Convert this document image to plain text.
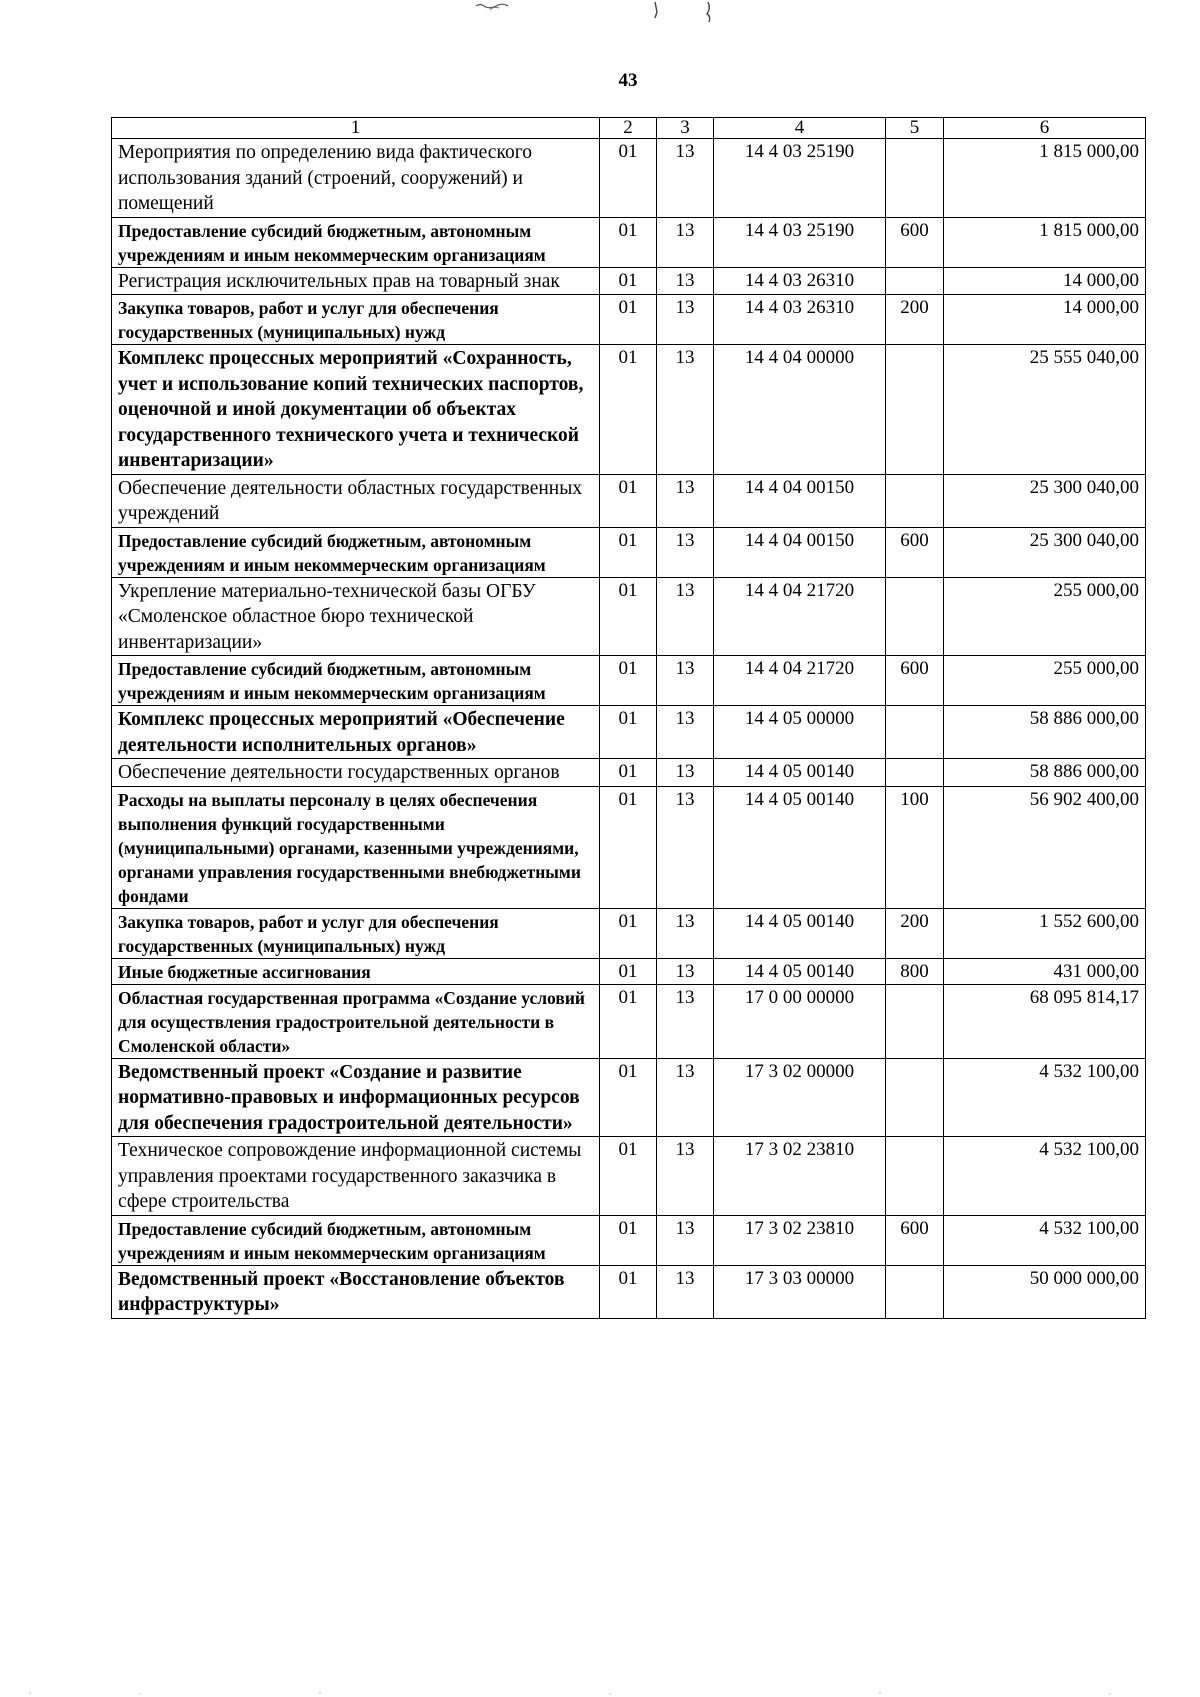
43
1	2	3	4	5	6
Мероприятия по определению вида фактического использования зданий (строений, сооружений) и помещений	01	13	14 4 03 25190		1 815 000,00
Предоставление субсидий бюджетным, автономным учреждениям и иным некоммерческим организациям	01	13	14 4 03 25190	600	1 815 000,00
Регистрация исключительных прав на товарный знак	01	13	14 4 03 26310		14 000,00
Закупка товаров, работ и услуг для обеспечения государственных (муниципальных) нужд	01	13	14 4 03 26310	200	14 000,00
Комплекс процессных мероприятий «Сохранность, учет и использование копий технических паспортов, оценочной и иной документации об объектах государственного технического учета и технической инвентаризации»	01	13	14 4 04 00000		25 555 040,00
Обеспечение деятельности областных государственных учреждений	01	13	14 4 04 00150		25 300 040,00
Предоставление субсидий бюджетным, автономным учреждениям и иным некоммерческим организациям	01	13	14 4 04 00150	600	25 300 040,00
Укрепление материально-технической базы ОГБУ «Смоленское областное бюро технической инвентаризации»	01	13	14 4 04 21720		255 000,00
Предоставление субсидий бюджетным, автономным учреждениям и иным некоммерческим организациям	01	13	14 4 04 21720	600	255 000,00
Комплекс процессных мероприятий «Обеспечение деятельности исполнительных органов»	01	13	14 4 05 00000		58 886 000,00
Обеспечение деятельности государственных органов	01	13	14 4 05 00140		58 886 000,00
Расходы на выплаты персоналу в целях обеспечения выполнения функций государственными (муниципальными) органами, казенными учреждениями, органами управления государственными внебюджетными фондами	01	13	14 4 05 00140	100	56 902 400,00
Закупка товаров, работ и услуг для обеспечения государственных (муниципальных) нужд	01	13	14 4 05 00140	200	1 552 600,00
Иные бюджетные ассигнования	01	13	14 4 05 00140	800	431 000,00
Областная государственная программа «Создание условий для осуществления градостроительной деятельности в Смоленской области»	01	13	17 0 00 00000		68 095 814,17
Ведомственный проект «Создание и развитие нормативно-правовых и информационных ресурсов для обеспечения градостроительной деятельности»	01	13	17 3 02 00000		4 532 100,00
Техническое сопровождение информационной системы управления проектами государственного заказчика в сфере строительства	01	13	17 3 02 23810		4 532 100,00
Предоставление субсидий бюджетным, автономным учреждениям и иным некоммерческим организациям	01	13	17 3 02 23810	600	4 532 100,00
Ведомственный проект «Восстановление объектов инфраструктуры»	01	13	17 3 03 00000		50 000 000,00
